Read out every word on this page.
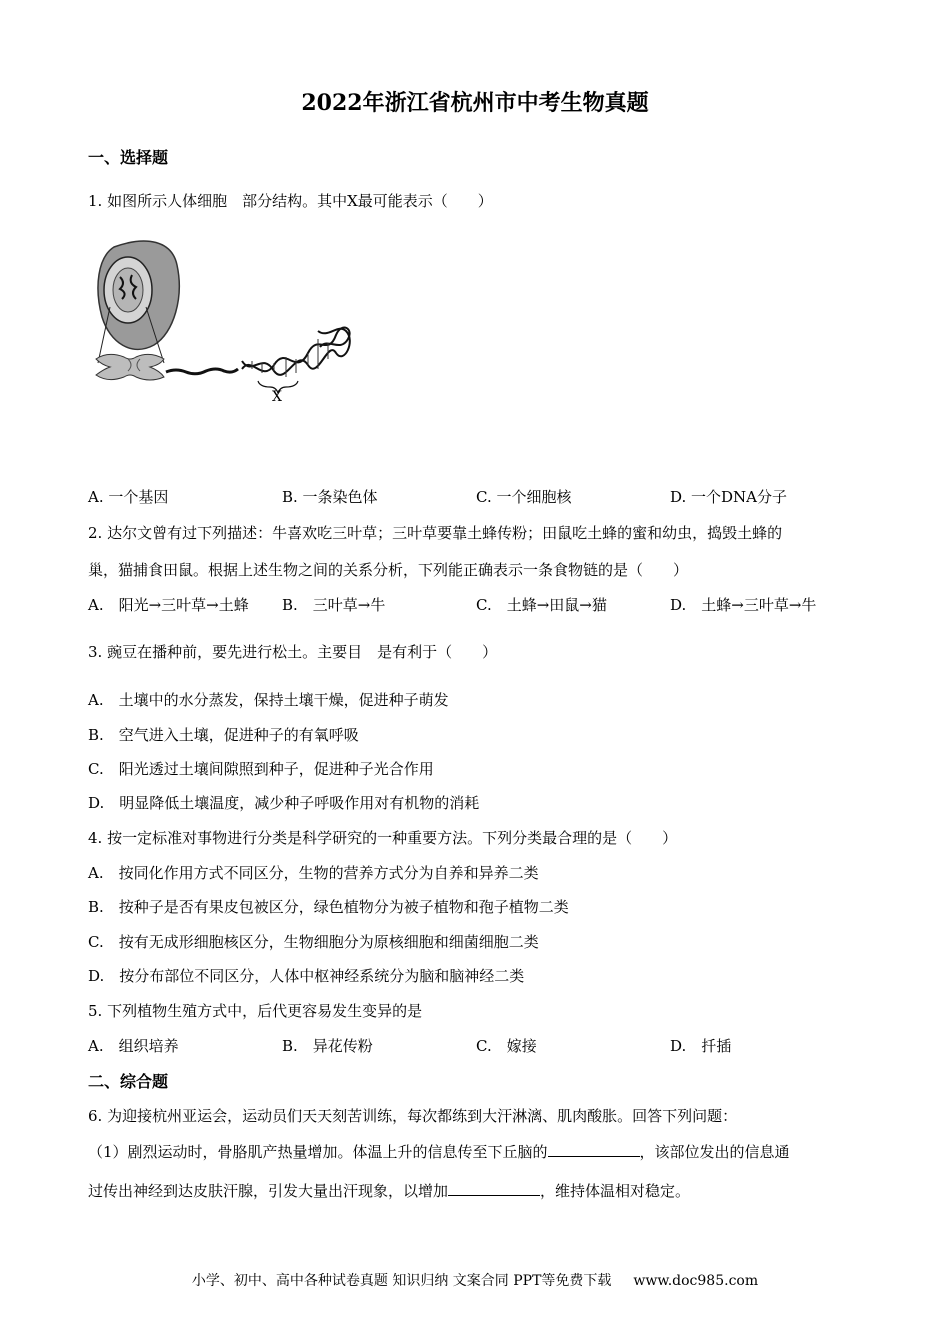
2022年浙江省杭州市中考生物真题
一、选择题
1. 如图所示人体细胞　部分结构。其中X最可能表示（　　）
X
A. 一个基因	B. 一条染色体	C. 一个细胞核	D. 一个DNA分子
2. 达尔文曾有过下列描述：牛喜欢吃三叶草；三叶草要靠土蜂传粉；田鼠吃土蜂的蜜和幼虫，捣毁土蜂的
巢，猫捕食田鼠。根据上述生物之间的关系分析，下列能正确表示一条食物链的是（　　）
A.　阳光→三叶草→土蜂 B.　三叶草→牛	C.　土蜂→田鼠→猫	D.　土蜂→三叶草→牛
3. 豌豆在播种前，要先进行松土。主要目　是有利于（　　）
A.　土壤中的水分蒸发，保持土壤干燥，促进种子萌发
B.　空气进入土壤，促进种子的有氧呼吸
C.　阳光透过土壤间隙照到种子，促进种子光合作用
D.　明显降低土壤温度，减少种子呼吸作用对有机物的消耗
4. 按一定标准对事物进行分类是科学研究的一种重要方法。下列分类最合理的是（　　）
A.　按同化作用方式不同区分，生物的营养方式分为自养和异养二类
B.　按种子是否有果皮包被区分，绿色植物分为被子植物和孢子植物二类
C.　按有无成形细胞核区分，生物细胞分为原核细胞和细菌细胞二类
D.　按分布部位不同区分，人体中枢神经系统分为脑和脑神经二类
5. 下列植物生殖方式中，后代更容易发生变异的是
A.　组织培养	B.　异花传粉	C.　嫁接	D.　扦插
二、综合题
6. 为迎接杭州亚运会，运动员们天天刻苦训练，每次都练到大汗淋漓、肌肉酸胀。回答下列问题：
（1）剧烈运动时，骨胳肌产热量增加。体温上升的信息传至下丘脑的	，该部位发出的信息通
过传出神经到达皮肤汗腺，引发大量出汗现象，以增加	，维持体温相对稳定。
小学、初中、高中各种试卷真题 知识归纳 文案合同 PPT等免费下载 www.doc985.com
